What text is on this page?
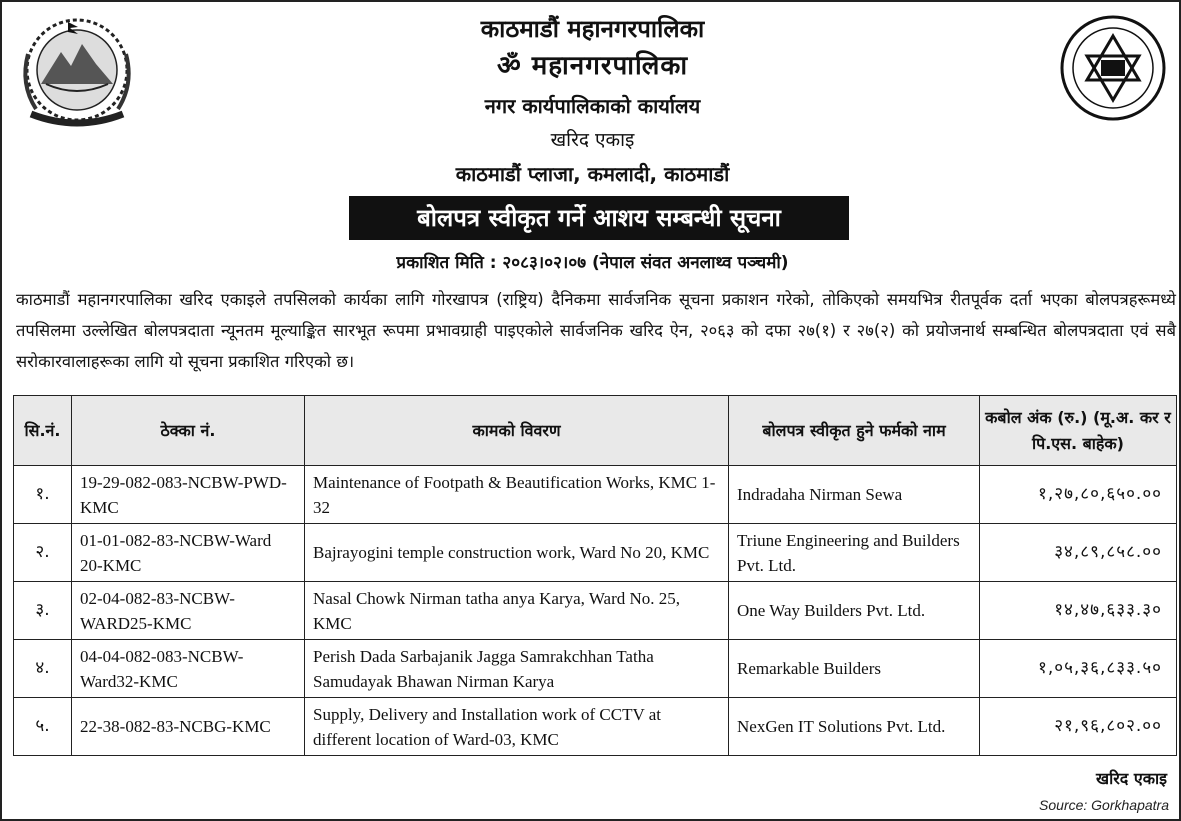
काठमाडौं महानगरपालिका
ॐ महानगरपालिका
नगर कार्यपालिकाको कार्यालय
खरिद एकाइ
काठमाडौं प्लाजा, कमलादी, काठमाडौं
बोलपत्र स्वीकृत गर्ने आशय सम्बन्धी सूचना
प्रकाशित मिति : २०८३।०२।०७ (नेपाल संवत अनलाथ्व पञ्चमी)

काठमाडौं महानगरपालिका खरिद एकाइले तपसिलको कार्यका लागि गोरखापत्र (राष्ट्रिय) दैनिकमा सार्वजनिक सूचना प्रकाशन गरेको, तोकिएको समयभित्र रीतपूर्वक दर्ता भएका बोलपत्रहरूमध्ये तपसिलमा उल्लेखित बोलपत्रदाता न्यूनतम मूल्याङ्कित सारभूत रूपमा प्रभावग्राही पाइएकोले सार्वजनिक खरिद ऐन, २०६३ को दफा २७(१) र २७(२) को प्रयोजनार्थ सम्बन्धित बोलपत्रदाता एवं सबै सरोकारवालाहरूका लागि यो सूचना प्रकाशित गरिएको छ।

सि.नं.	ठेक्का नं.	कामको विवरण	बोलपत्र स्वीकृत हुने फर्मको नाम	कबोल अंक (रु.) (मू.अ. कर र पि.एस. बाहेक)
१.	19-29-082-083-NCBW-PWD-KMC	Maintenance of Footpath & Beautification Works, KMC 1-32	Indradaha Nirman Sewa	१,२७,८०,६५०.००
२.	01-01-082-83-NCBW-Ward 20-KMC	Bajrayogini temple construction work, Ward No 20, KMC	Triune Engineering and Builders Pvt. Ltd.	३४,८९,८५८.००
३.	02-04-082-83-NCBW-WARD25-KMC	Nasal Chowk Nirman tatha anya Karya, Ward No. 25, KMC	One Way Builders Pvt. Ltd.	१४,४७,६३३.३०
४.	04-04-082-083-NCBW-Ward32-KMC	Perish Dada Sarbajanik Jagga Samrakchhan Tatha Samudayak Bhawan Nirman Karya	Remarkable Builders	१,०५,३६,८३३.५०
५.	22-38-082-83-NCBG-KMC	Supply, Delivery and Installation work of CCTV at different location of Ward-03, KMC	NexGen IT Solutions Pvt. Ltd.	२१,९६,८०२.००
खरिद एकाइ
Source: Gorkhapatra
